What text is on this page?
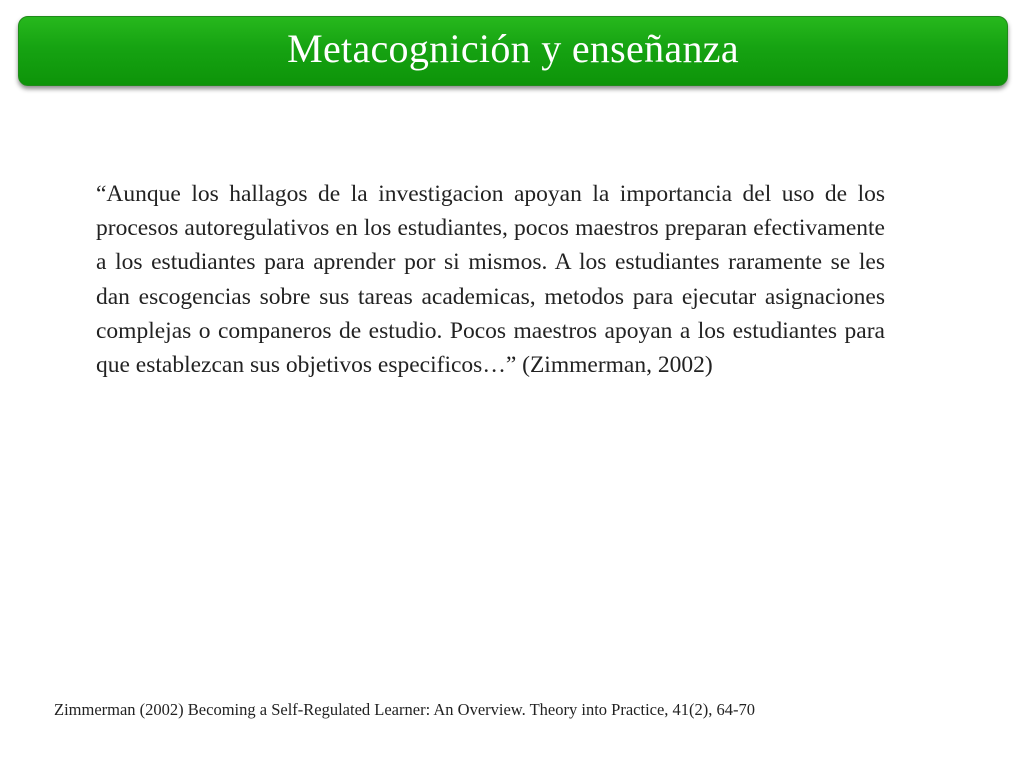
Metacognición y enseñanza
“Aunque los hallagos de la investigacion apoyan la importancia del uso de los procesos autoregulativos en los estudiantes, pocos maestros preparan efectivamente a los estudiantes para aprender por si mismos. A los estudiantes raramente se les dan escogencias sobre sus tareas academicas, metodos para ejecutar asignaciones complejas o companeros de estudio. Pocos maestros apoyan a los estudiantes para que establezcan sus objetivos especificos…” (Zimmerman, 2002)
Zimmerman (2002) Becoming a Self-Regulated Learner: An Overview. Theory into Practice, 41(2), 64-70
